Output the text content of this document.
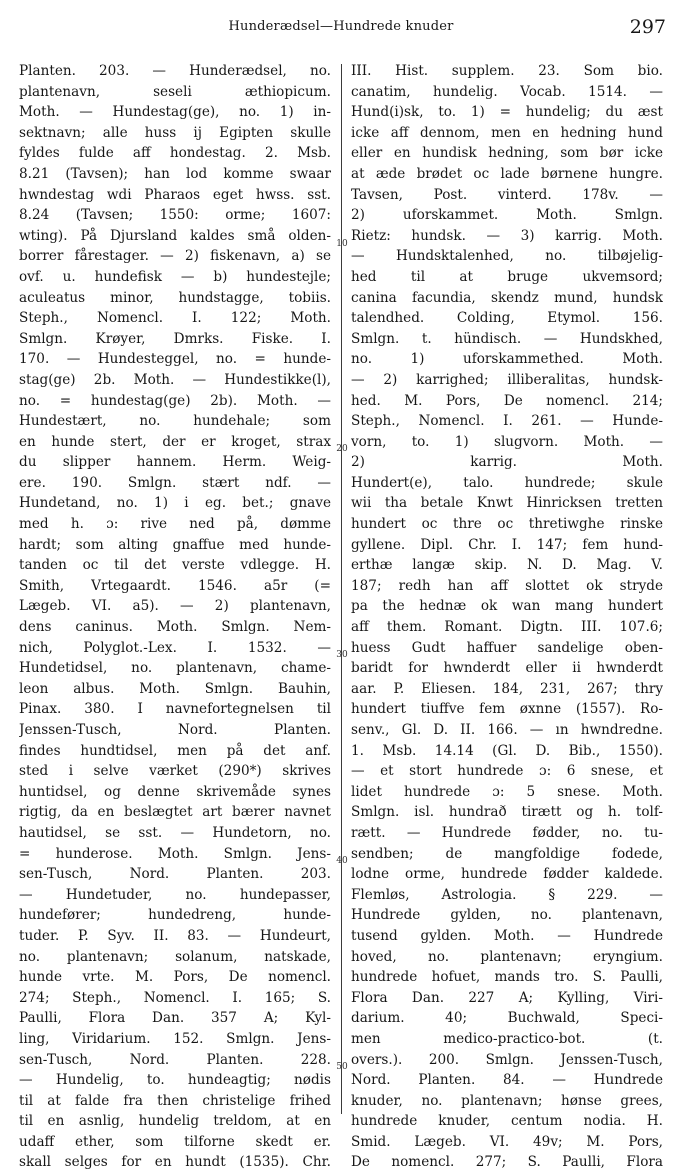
Hunderædsel—Hundrede knuder	297
Planten. 203. — Hunderædsel, no.
plantenavn, seseli æthiopicum.
Moth. — Hundestag(ge), no. 1) in-
sektnavn; alle huss ij Egipten skulle
fyldes fulde aff hondestag. 2. Msb.
8.21 (Tavsen); han lod komme swaar
hwndestag wdi Pharaos eget hwss. sst.
8.24 (Tavsen; 1550: orme; 1607:
wting). På Djursland kaldes små olden-
borrer fårestager. — 2) fiskenavn, a) se
ovf. u. hundefisk — b) hundestejle;
aculeatus minor, hundstagge, tobiis.
Steph., Nomencl. I. 122; Moth.
Smlgn. Krøyer, Dmrks. Fiske. I.
170. — Hundesteggel, no. = hunde-
stag(ge) 2b. Moth. — Hundestikke(l),
no. = hundestag(ge) 2b). Moth. —
Hundestært, no. hundehale; som
en hunde stert, der er kroget, strax
du slipper hannem. Herm. Weig-
ere. 190. Smlgn. stært ndf. —
Hundetand, no. 1) i eg. bet.; gnave
med h. ɔ: rive ned på, dømme
hardt; som alting gnaffue med hunde-
tanden oc til det verste vdlegge. H.
Smith, Vrtegaardt. 1546. a5r (=
Lægeb. VI. a5). — 2) plantenavn,
dens caninus. Moth. Smlgn. Nem-
nich, Polyglot.-Lex. I. 1532. —
Hundetidsel, no. plantenavn, chame-
leon albus. Moth. Smlgn. Bauhin,
Pinax. 380. I navnefortegnelsen til
Jenssen-Tusch, Nord. Planten.
findes hundtidsel, men på det anf.
sted i selve værket (290*) skrives
huntidsel, og denne skrivemåde synes
rigtig, da en beslægtet art bærer navnet
hautidsel, se sst. — Hundetorn, no.
= hunderose. Moth. Smlgn. Jens-
sen-Tusch, Nord. Planten. 203.
— Hundetuder, no. hundepasser,
hundefører; hundedreng, hunde-
tuder. P. Syv. II. 83. — Hundeurt,
no. plantenavn; solanum, natskade,
hunde vrte. M. Pors, De nomencl.
274; Steph., Nomencl. I. 165; S.
Paulli, Flora Dan. 357 A; Kyl-
ling, Viridarium. 152. Smlgn. Jens-
sen-Tusch, Nord. Planten. 228.
— Hundelig, to. hundeagtig; nødis
til at falde fra then christelige frihed
til en asnlig, hundelig treldom, at en
udaff ether, som tilforne skedt er.
skall selges for en hundt (1535). Chr.
III. Hist. supplem. 23. Som bio.
canatim, hundelig. Vocab. 1514. —
Hund(i)sk, to. 1) = hundelig; du æst
icke aff dennom, men en hedning hund
eller en hundisk hedning, som bør icke
at æde brødet oc lade børnene hungre.
Tavsen, Post. vinterd. 178v. —
2) uforskammet. Moth. Smlgn.
Rietz: hundsk. — 3) karrig. Moth.
— Hundsktalenhed, no. tilbøjelig-
hed til at bruge ukvemsord;
canina facundia, skendz mund, hundsk
talendhed. Colding, Etymol. 156.
Smlgn. t. hündisch. — Hundskhed,
no. 1) uforskammethed. Moth.
— 2) karrighed; illiberalitas, hundsk-
hed. M. Pors, De nomencl. 214;
Steph., Nomencl. I. 261. — Hunde-
vorn, to. 1) slugvorn. Moth. —
2) karrig. Moth.
Hundert(e), talo. hundrede; skule
wii tha betale Knwt Hinricksen tretten
hundert oc thre oc thretiwghe rinske
gyllene. Dipl. Chr. I. 147; fem hund-
erthæ langæ skip. N. D. Mag. V.
187; redh han aff slottet ok stryde
pa the hednæ ok wan mang hundert
aff them. Romant. Digtn. III. 107.6;
huess Gudt haffuer sandelige oben-
baridt for hwnderdt eller ii hwnderdt
aar. P. Eliesen. 184, 231, 267; thry
hundert tiuffve fem øxnne (1557). Ro-
senv., Gl. D. II. 166. — ın hwndredne.
1. Msb. 14.14 (Gl. D. Bib., 1550).
— et stort hundrede ɔ: 6 snese, et
lidet hundrede ɔ: 5 snese. Moth.
Smlgn. isl. hundrað tirætt og h. tolf-
rætt. — Hundrede fødder, no. tu-
sendben; de mangfoldige fodede,
lodne orme, hundrede fødder kaldede.
Flemløs, Astrologia. § 229. —
Hundrede gylden, no. plantenavn,
tusend gylden. Moth. — Hundrede
hoved, no. plantenavn; eryngium.
hundrede hofuet, mands tro. S. Paulli,
Flora Dan. 227 A; Kylling, Viri-
darium. 40; Buchwald, Speci-
men medico-practico-bot. (t.
overs.). 200. Smlgn. Jenssen-Tusch,
Nord. Planten. 84. — Hundrede
knuder, no. plantenavn; hønse grees,
hundrede knuder, centum nodia. H.
Smid. Lægeb. VI. 49v; M. Pors,
De nomencl. 277; S. Paulli, Flora
10
20
30
40
50
